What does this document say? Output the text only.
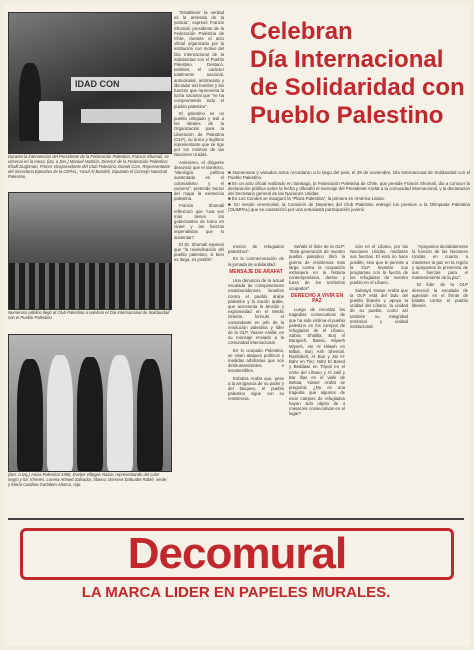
IDAD CON
Durante la intervención del Presidente de la Federación Palestina, Francis Shomali, se observa en la mesa, (izq. a Der.) Manuel Hazbún, Director de la Federación Palestina; Khalil Dughman, Primer Vicepresidente del Club Palestino, Daniel Cors, Representante del Secretario Ejecutivo de la CEPAL, Yusuf Al Bandeli, Diputado el Consejo Nacional Palestino.
Numeroso público llegó al Club Palestino a celebrar el Día Internacional de Solidaridad con el Pueblo Palestino.
(Der. a Izq.) Anisa Palestina 1986, Evelyn Villegas Nazar, representando del calor negro y los Vírenes, Lorena Ahmed Salvador, blanco; Denisse Dahuabe Rabié, verde; y María Catalina Gadaleta Abarca, rojo.

"Establecer la verdad es la antesala de la justicia", expresó Francis Shomali, presidente de la Federación Palestina de Chile, durante el acto oficial organizado por la institución con motivo del Día Internacional de la Solidaridad con el Pueblo Palestino. Destacó, también, el carácter totalmente nacional, anticolonial, antirracista y liberador del hombre y las fuerzas que representa la lucha nacional que "se ha comprometido todo el pueblo palestino".

El palestino es un pueblo ultrajado y leal a los ideales de la Organización para la Liberación de Palestina (OLP), su único y legítimo representante que se rige por los mismos de las Naciones Unidas.

Asimismo, el dirigente denunció que el sionismo, "ideología política sustentada en el colonialismo y el racismo", pretende borrar del mapa la existencia palestina.

Francis Shomali reflexionó que "una vez más tienen los gobernantes de turno en Israel y las fuerzas imperialistas que lo sustentan".

El Dr. Shomali expresó que "la reivindicación del pueblo palestino, si bien es larga, es posible".

Celebran
Día Internacional
de Solidaridad con
Pueblo Palestino

■ Numerosos y variados actos recordaron a lo largo del país, el 29 de noviembre, Día Internacional de Solidaridad con el Pueblo Palestino.

■ En un acto oficial realizado en Santiago, la Federación Palestina de Chile, que preside Francis Shomali, dio a conocer la declaración pública sobre la fecha y difundió el mensaje del Presidente Arafat a la comunidad internacional, y la declaración del Secretario general de las Naciones Unidas.

■ En Los Condes se inauguró la "Plaza Palestina", la primera en América Latina.

■ En sesión ceremonial, la Comisión de Deportes del Club Palestino entregó los premios a la Olimpiada Palestina (OLIMPAL) que se caracterizó por una entusiasta participación juvenil.

mercio de refugiados palestinos".

Es la conmemoración de la jornada de solidaridad.

MENSAJE DE ARAFAT

Una denuncia de la actual escalada de conspiraciones estadounidenses israelíes contra el pueblo árabe palestino y la nación árabe, que acrecienta la tensión y explosividad en el Medio Oriente, formuló el comandante en jefe de la revolución palestina y líder de la OLP, Yasser Arafat, en su mensaje enviado a la comunidad internacional.

En lo ocupado Palestina, se viven ataques políticos y medidas arbitrarias que son deshumanizantes e insostenibles.

Enfatiza Arafat que, pese a la arrogancia de su poder y del bloqueo, el pueblo palestino sigue con su resistencia.

Señaló el líder de la OLP: "Esta generación de nuestro pueblo palestino libró la guerra de resistencia más larga contra la ocupación extranjera en la historia contemporánea, dentro y fuera de los territorios ocupados".

DERECHO A VIVIR EN PAZ

Luego de recordar las tragedias consecutivas de que ha sido víctima el pueblo palestino en los campos de refugiados de el Líbano, Sabra, Shatilla, Burj el Barajneh, Bassa, Miyeeh Miyeeh, Ain Al Hilweh en Bilbal, Burj Ash Shemali, Rashidieh, Al Bus y Jal Al-Bahr en Tiro; Nahr El Bared y Beddawi en Trípoli en el norte del Líbano y Al Jalil y Bar Ilias en el valle de Bekaa, Yasser Arafat se pregunta: ¿No es una tragedia que algunos de esos campos de refugiados hayan sido objeto de 4 masacres consecutivas en el lugar?

ción en el Líbano, por las Naciones Unidas, mediante sus fuerzas. El está no hace posible, sino que le permite a la OLP levantar sus programas con la fuerza de los refugiados de nuestro pueblo en el Líbano.

Subrayó Yasser Arafat que la OLP está del lado del pueblo libanés y apoya la unidad del Líbano, la unidad de su pueblo, como así también su integridad territorial y unidad institucional.

"Apoyamos decididamente la función de las Naciones Unidas en cuanto a mantener la paz en la región y apoyamos la presencia de sus fuerzas para el mantenimiento de la paz".

El líder de la OLP denunció la escalada de agresión en el frente de batalla contra el pueblo libanés.

Decomural
LA MARCA LIDER EN PAPELES MURALES.
